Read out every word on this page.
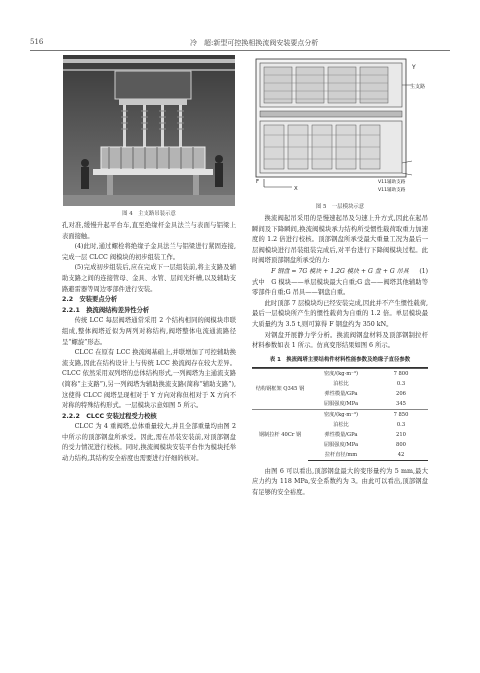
516	冷　超:新型可控换相换流阀安装要点分析
图 4　主支路吊装示意

孔对准,缓慢升起平台车,直至绝缘杆金具法兰与表面与铝梁上表面接触。

(4)此时,通过螺栓将绝缘子金具法兰与铝梁进行紧固连接,完成一层 CLCC 阀模块的初步组装工作。

(5)完成初步组装后,应在完成下一层组装前,将主支路及辅助支路之间的连接管母、金具、水管、层间光纤槽,以及辅助支路避雷器等周边零部件进行安装。

2.2　安装要点分析

2.2.1　换流阀结构差异性分析

传统 LCC 每层阀塔通常采用 2 个结构相同的阀模块串联组成,整体阀塔近似为两列对称结构,阀塔整体电流通流路径呈“螺旋”形态。

CLCC 在原有 LCC 换流阀基础上,并联增加了可控辅助换流支路,因此在结构设计上与传统 LCC 换流阀存在较大差异。CLCC 依然采用双列塔的总体结构形式,一列阀塔为主通流支路(简称“主支路”),另一列阀塔为辅助换流支路(简称“辅助支路”),这使得 CLCC 阀塔呈现相对于 Y 方向对称但相对于 X 方向不对称的特殊结构形式。一层模块示意如图 5 所示。

2.2.2　CLCC 安装过程受力校核

CLCC 为 4 重阀塔,总体重量较大,并且全部重量均由图 2 中所示的顶部钢盘所承受。因此,需在吊装安装前,对顶部钢盘的受力情况进行校核。同时,换流阀模块安装平台作为模块托举动力结构,其结构安全裕度也需要进行仔细的核对。

Y
主支路
V11辅助支路
V11辅助支路
F
X
图 5　一层模块示意

换流阀起吊采用的是慢速起吊及匀速上升方式,因此在起吊瞬间及下降瞬间,换流阀模块承力结构所受惯性载荷取重力加速度的 1.2 倍进行校核。顶部钢盘所承受最大重量工况为最后一层阀模块进行吊装组装完成后,对平台进行下降阀模块过程。此时阀塔顶部钢盘所承受的力:

F 钢盘 = 7G 模块 + 1.2G 模块 + G 盘 + G 吊具 (1)

式中　G 模块——单层模块最大自重;G 盘——阀塔其他辅助等零部件自重;G 吊具——钢盘自重。

此时顶部 7 层模块均已经安装完成,因此并不产生惯性载荷,最后一层模块所产生的惯性载荷为自重的 1.2 倍。单层模块最大质量约为 3.5 t,则可算得 F 钢盘约为 350 kN。

对钢盘开展静力学分析。换流阀钢盘材料及顶部钢制拉杆材料参数如表 1 所示。仿真变形结果如图 6 所示。

表 1　换流阀塔主要结构件材料性能参数及绝缘子直径参数

结构钢框架 Q345 钢	密度/(kg·m⁻³)	7 800
	泊松比	0.3
	弹性模量/GPa	206
	屈服强度/MPa	345
钢制拉杆 40Cr 钢	密度/(kg·m⁻³)	7 850
	泊松比	0.3
	弹性模量/GPa	210
	屈服强度/MPa	800
	拉杆直径/mm	42

由图 6 可以看出,顶部钢盘最大的变形量约为 5 mm,最大应力约为 118 MPa,安全系数约为 3。由此可以看出,顶部钢盘有足够的安全裕度。
